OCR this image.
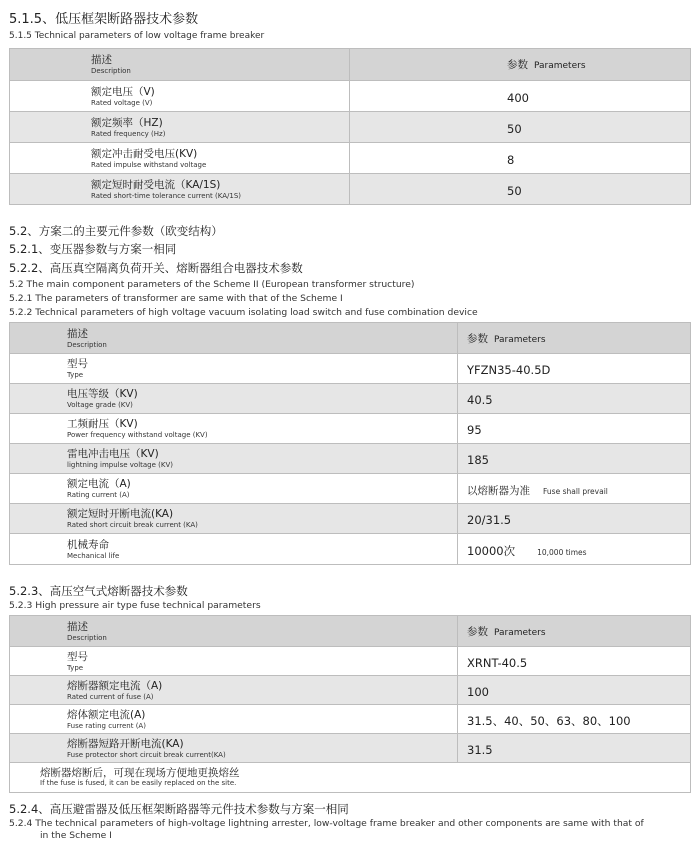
5.1.5、低压框架断路器技术参数
5.1.5 Technical parameters of low voltage frame breaker
描述
Description	参数 Parameters

额定电压（V)
Rated voltage (V)	400

额定频率（HZ)
Rated frequency (Hz)	50

额定冲击耐受电压(KV)
Rated impulse withstand voltage	8

额定短时耐受电流（KA/1S)
Rated short-time tolerance current (KA/1S)	50
5.2、方案二的主要元件参数（欧变结构）
5.2.1、变压器参数与方案一相同
5.2.2、高压真空隔离负荷开关、熔断器组合电器技术参数
5.2 The main component parameters of the Scheme II (European transformer structure)
5.2.1 The parameters of transformer are same with that of the Scheme I
5.2.2 Technical parameters of high voltage vacuum isolating load switch and fuse combination device
描述
Description	参数 Parameters

型号
Type	YFZN35-40.5D

电压等级（KV)
Voltage grade (KV)	40.5

工频耐压（KV)
Power frequency withstand voltage (KV)	95

雷电冲击电压（KV)
lightning impulse voltage (KV)	185

额定电流（A)
Rating current (A)	以熔断器为准 Fuse shall prevail

额定短时开断电流(KA)
Rated short circuit break current (KA)	20/31.5

机械寿命
Mechanical life	10000次 10,000 times
5.2.3、高压空气式熔断器技术参数
5.2.3 High pressure air type fuse technical parameters
描述
Description	参数 Parameters

型号
Type	XRNT-40.5

熔断器额定电流（A)
Rated current of fuse (A)	100

熔体额定电流(A)
Fuse rating current (A)	31.5、40、50、63、80、100

熔断器短路开断电流(KA)
Fuse protector short circuit break current(KA)	31.5

熔断器熔断后，可现在现场方便地更换熔丝
If the fuse is fused, it can be easily replaced on the site.	
5.2.4、高压避雷器及低压框架断路器等元件技术参数与方案一相同
5.2.4 The technical parameters of high-voltage lightning arrester, low-voltage frame breaker and other components are same with that of
in the Scheme I
